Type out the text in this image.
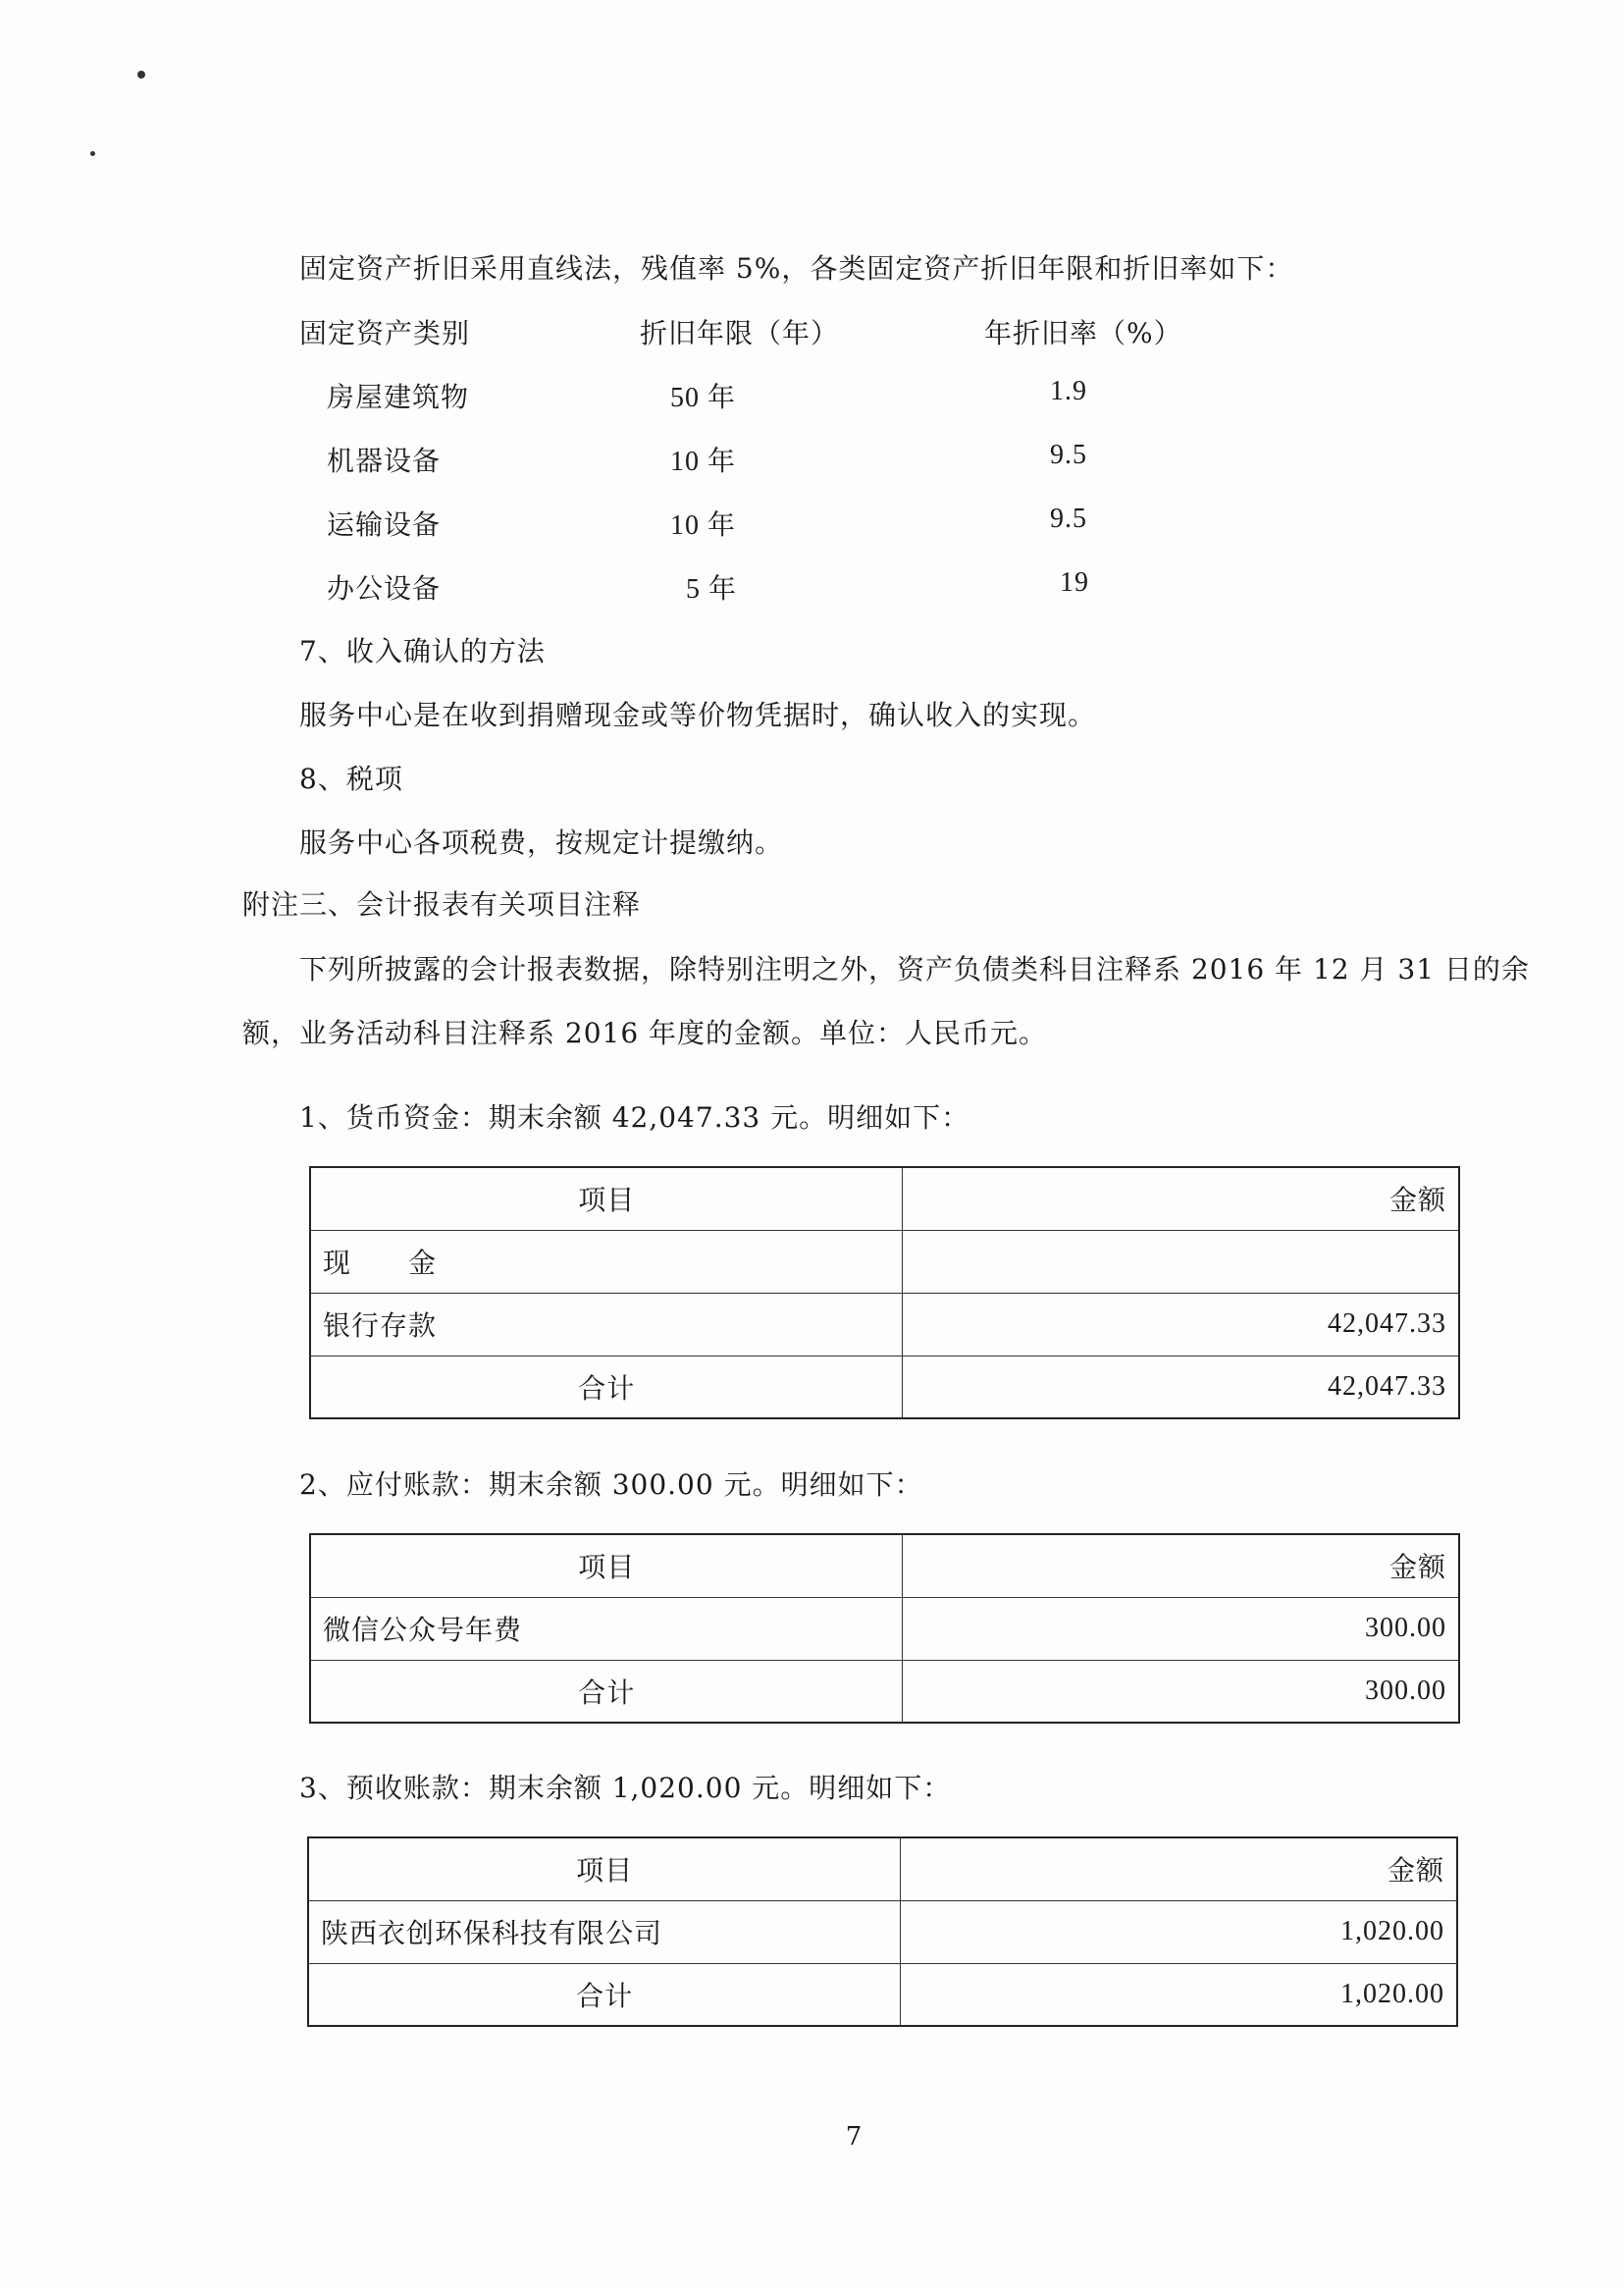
固定资产折旧采用直线法，残值率 5%，各类固定资产折旧年限和折旧率如下：
固定资产类别	折旧年限（年）	年折旧率（%）
房屋建筑物	50 年	1.9
机器设备	10 年	9.5
运输设备	10 年	9.5
办公设备	5 年	19
7、收入确认的方法
服务中心是在收到捐赠现金或等价物凭据时，确认收入的实现。
8、税项
服务中心各项税费，按规定计提缴纳。
附注三、会计报表有关项目注释
下列所披露的会计报表数据，除特别注明之外，资产负债类科目注释系 2016 年 12 月 31 日的余
额，业务活动科目注释系 2016 年度的金额。单位：人民币元。
1、货币资金：期末余额 42,047.33 元。明细如下：
项目	金额
现　　金	
银行存款	42,047.33
合计	42,047.33
2、应付账款：期末余额 300.00 元。明细如下：
项目	金额
微信公众号年费	300.00
合计	300.00
3、预收账款：期末余额 1,020.00 元。明细如下：
项目	金额
陕西衣创环保科技有限公司	1,020.00
合计	1,020.00
7
